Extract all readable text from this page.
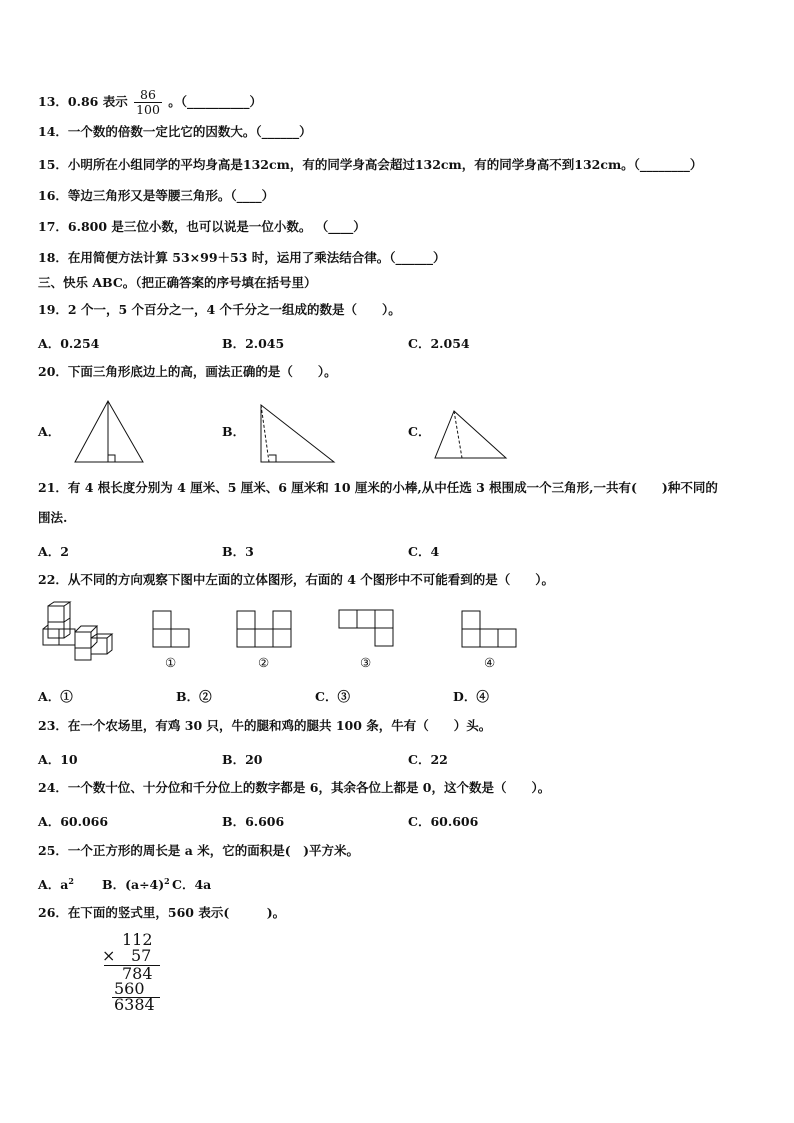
13．0.86 表示 $\frac{86}{100}$ 。（__________）
14．一个数的倍数一定比它的因数大。（______）
15．小明所在小组同学的平均身高是132cm，有的同学身高会超过132cm，有的同学身高不到132cm。（________）
16．等边三角形又是等腰三角形。（____）
17．6.800 是三位小数，也可以说是一位小数。 （____）
18．在用简便方法计算 53×99＋53 时，运用了乘法结合律。（______）
三、快乐 ABC。（把正确答案的序号填在括号里）
19．2 个一，5 个百分之一，4 个千分之一组成的数是（　　）。
A．0.254	B．2.045	C．2.054
20．下面三角形底边上的高，画法正确的是（　　）。
A．	B．	C．
21．有 4 根长度分别为 4 厘米、5 厘米、6 厘米和 10 厘米的小棒,从中任选 3 根围成一个三角形,一共有(　　)种不同的
围法.
A．2	B．3	C．4
22．从不同的方向观察下图中左面的立体图形，右面的 4 个图形中不可能看到的是（　　）。
①	②	③	④
A．①	B．②	C．③	D．④
23．在一个农场里，有鸡 30 只，牛的腿和鸡的腿共 100 条，牛有（　　）头。
A．10	B．20	C．22
24．一个数十位、十分位和千分位上的数字都是 6，其余各位上都是 0，这个数是（　　）。
A．60.066	B．6.606	C．60.606
25．一个正方形的周长是 a 米，它的面积是(　)平方米。
A．$a^2$ B．$(a\div 4)^2$ C．4a
26．在下面的竖式里，560 表示(　　　)。
112
× 57
784
560
6384
